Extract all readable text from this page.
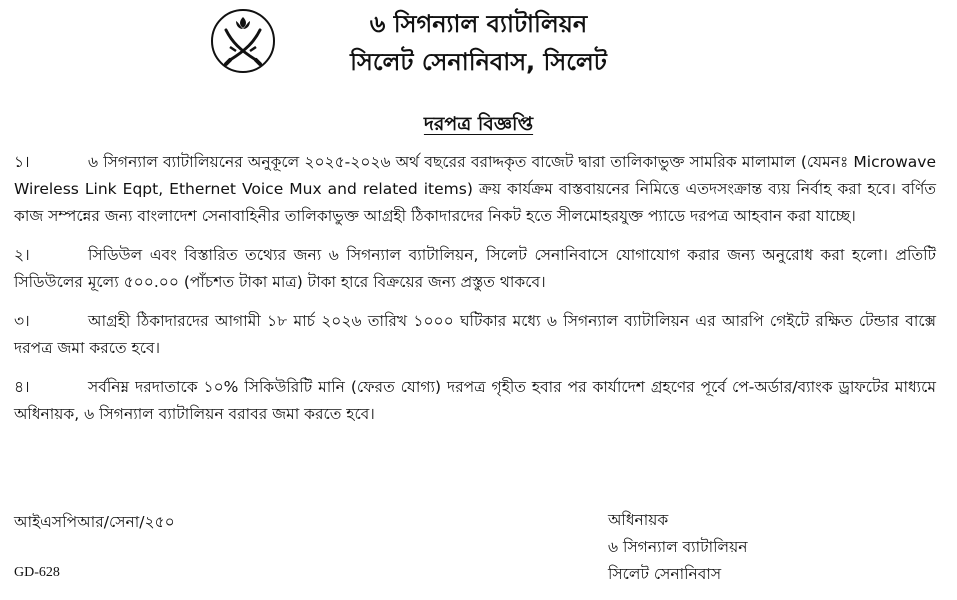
৬ সিগন্যাল ব্যাটালিয়ন
সিলেট সেনানিবাস, সিলেট
দরপত্র বিজ্ঞপ্তি

১।	৬ সিগন্যাল ব্যাটালিয়নের অনুকূলে ২০২৫-২০২৬ অর্থ বছরের বরাদ্দকৃত বাজেট দ্বারা তালিকাভুক্ত সামরিক মালামাল (যেমনঃ Microwave Wireless Link Eqpt, Ethernet Voice Mux and related items) ক্রয় কার্যক্রম বাস্তবায়নের নিমিত্তে এতদসংক্রান্ত ব্যয় নির্বাহ করা হবে। বর্ণিত কাজ সম্পন্নের জন্য বাংলাদেশ সেনাবাহিনীর তালিকাভুক্ত আগ্রহী ঠিকাদারদের নিকট হতে সীলমোহরযুক্ত প্যাডে দরপত্র আহবান করা যাচ্ছে।

২।	সিডিউল এবং বিস্তারিত তথ্যের জন্য ৬ সিগন্যাল ব্যাটালিয়ন, সিলেট সেনানিবাসে যোগাযোগ করার জন্য অনুরোধ করা হলো। প্রতিটি সিডিউলের মূল্যে ৫০০.০০ (পাঁচশত টাকা মাত্র) টাকা হারে বিক্রয়ের জন্য প্রস্তুত থাকবে।

৩।	আগ্রহী ঠিকাদারদের আগামী ১৮ মার্চ ২০২৬ তারিখ ১০০০ ঘটিকার মধ্যে ৬ সিগন্যাল ব্যাটালিয়ন এর আরপি গেইটে রক্ষিত টেন্ডার বাক্সে দরপত্র জমা করতে হবে।

৪।	সর্বনিম্ন দরদাতাকে ১০% সিকিউরিটি মানি (ফেরত যোগ্য) দরপত্র গৃহীত হবার পর কার্যাদেশ গ্রহণের পূর্বে পে-অর্ডার/ব্যাংক ড্রাফটের মাধ্যমে অধিনায়ক, ৬ সিগন্যাল ব্যাটালিয়ন বরাবর জমা করতে হবে।

আইএসপিআর/সেনা/২৫০
GD-628
অধিনায়ক
৬ সিগন্যাল ব্যাটালিয়ন
সিলেট সেনানিবাস
